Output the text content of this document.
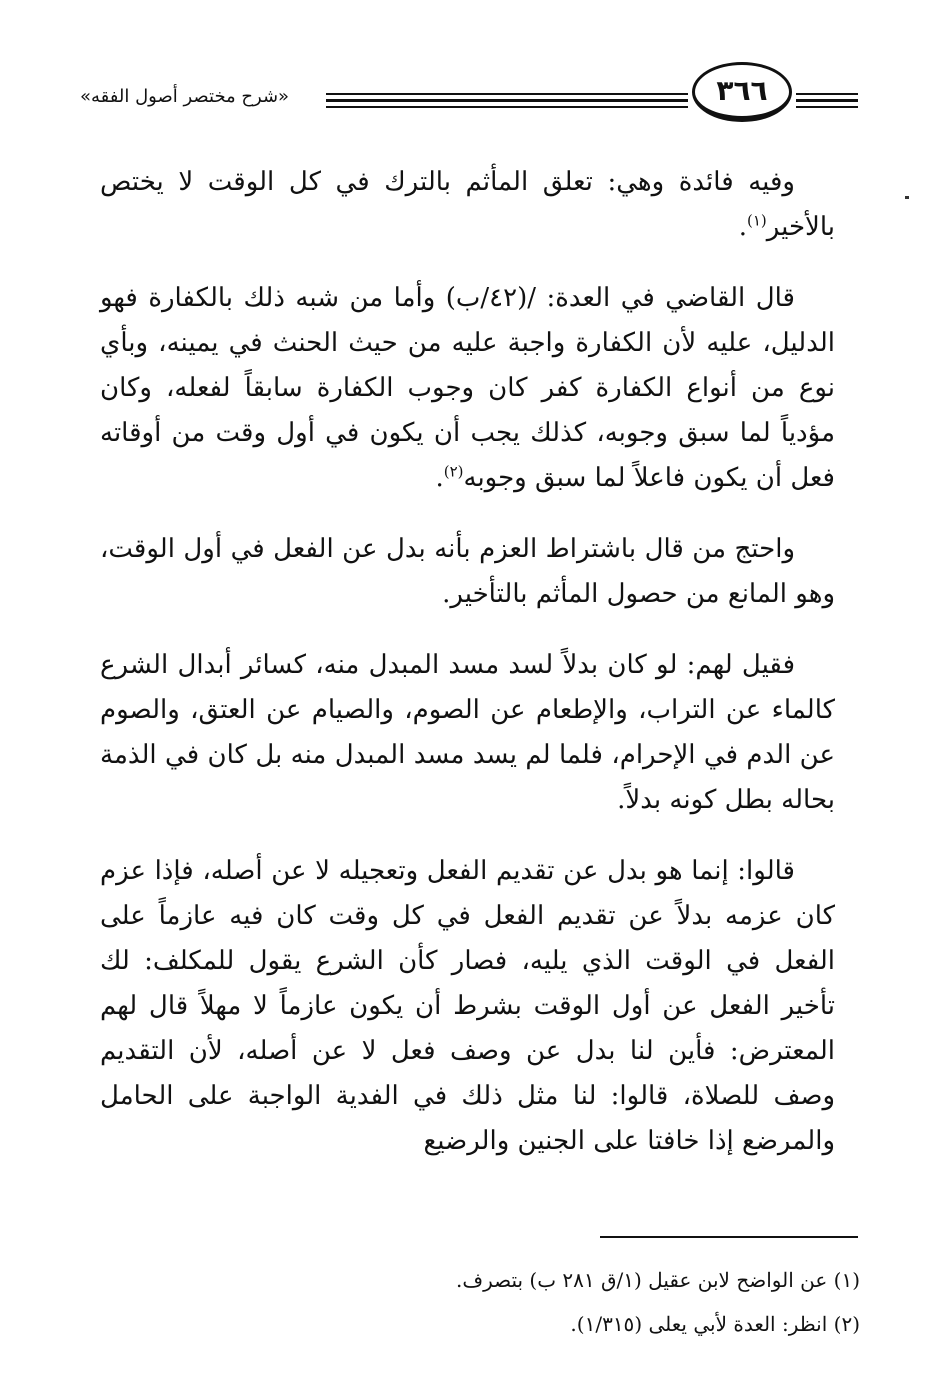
«شرح مختصر أصول الفقه»	٣٦٦

وفيه فائدة وهي: تعلق المأثم بالترك في كل الوقت لا يختص بالأخير$^{(١)}$.

قال القاضي في العدة: /(٤٢/ب) وأما من شبه ذلك بالكفارة فهو الدليل، عليه لأن الكفارة واجبة عليه من حيث الحنث في يمينه، وبأي نوع من أنواع الكفارة كفر كان وجوب الكفارة سابقاً لفعله، وكان مؤدياً لما سبق وجوبه، كذلك يجب أن يكون في أول وقت من أوقاته فعل أن يكون فاعلاً لما سبق وجوبه$^{(٢)}$.

واحتج من قال باشتراط العزم بأنه بدل عن الفعل في أول الوقت، وهو المانع من حصول المأثم بالتأخير.

فقيل لهم: لو كان بدلاً لسد مسد المبدل منه، كسائر أبدال الشرع كالماء عن التراب، والإطعام عن الصوم، والصيام عن العتق، والصوم عن الدم في الإحرام، فلما لم يسد مسد المبدل منه بل كان في الذمة بحاله بطل كونه بدلاً.

قالوا: إنما هو بدل عن تقديم الفعل وتعجيله لا عن أصله، فإذا عزم كان عزمه بدلاً عن تقديم الفعل في كل وقت كان فيه عازماً على الفعل في الوقت الذي يليه، فصار كأن الشرع يقول للمكلف: لك تأخير الفعل عن أول الوقت بشرط أن يكون عازماً لا مهلاً قال لهم المعترض: فأين لنا بدل عن وصف فعل لا عن أصله، لأن التقديم وصف للصلاة، قالوا: لنا مثل ذلك في الفدية الواجبة على الحامل والمرضع إذا خافتا على الجنين والرضيع

(١) عن الواضح لابن عقيل (١/ق ٢٨١ ب) بتصرف.
(٢) انظر: العدة لأبي يعلى (١/٣١٥).
